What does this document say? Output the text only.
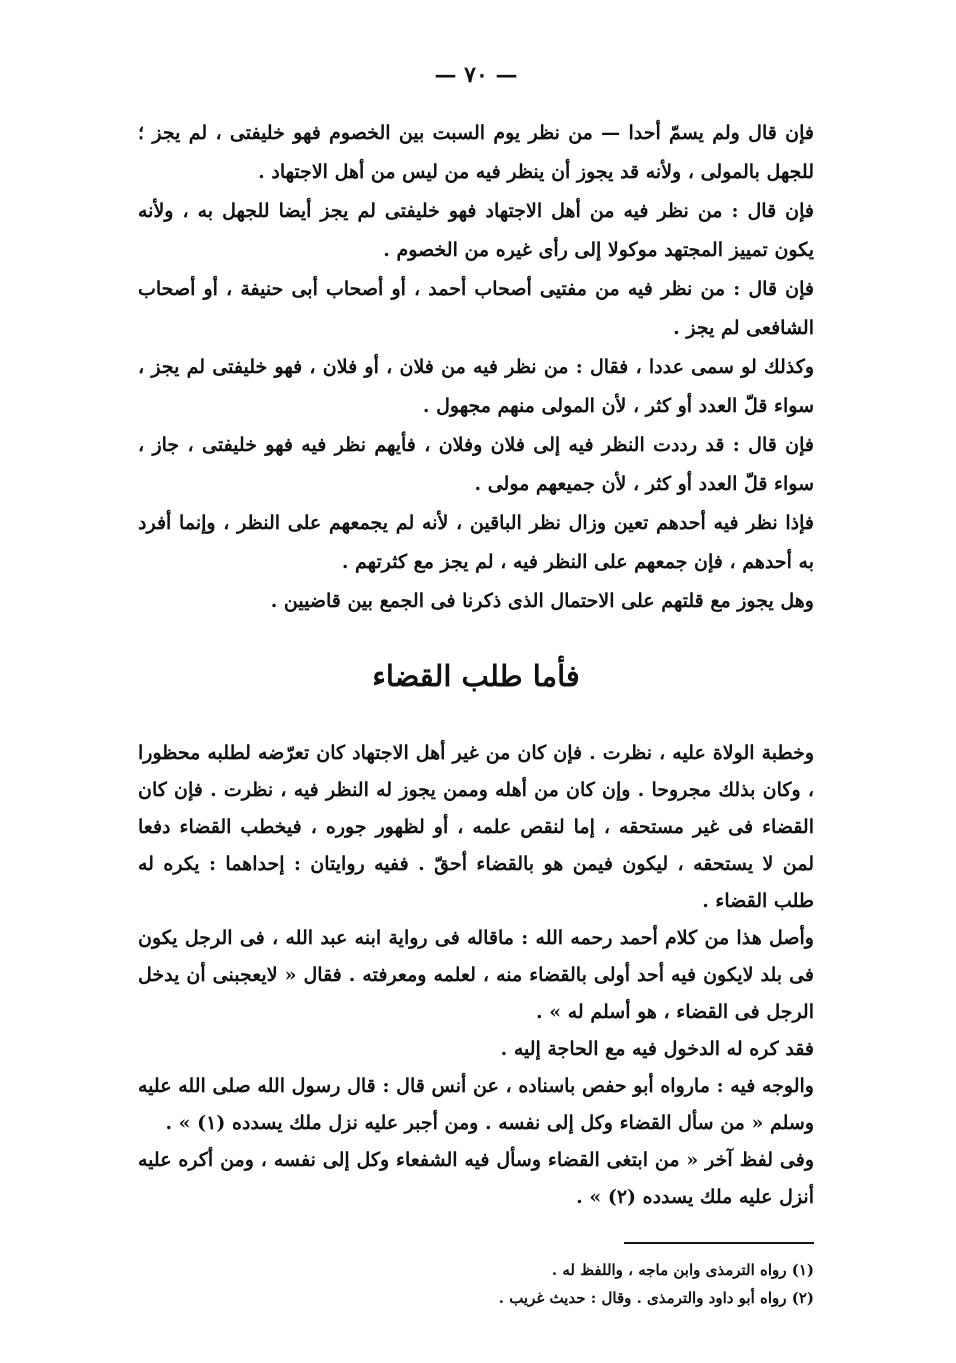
— ٧٠ —

فإن قال ولم يسمّ أحدا — من نظر يوم السبت بين الخصوم فهو خليفتى ، لم يجز ؛ للجهل بالمولى ، ولأنه قد يجوز أن ينظر فيه من ليس من أهل الاجتهاد .

فإن قال : من نظر فيه من أهل الاجتهاد فهو خليفتى لم يجز أيضا للجهل به ، ولأنه يكون تمييز المجتهد موكولا إلى رأى غيره من الخصوم .

فإن قال : من نظر فيه من مفتيى أصحاب أحمد ، أو أصحاب أبى حنيفة ، أو أصحاب الشافعى لم يجز .

وكذلك لو سمى عددا ، فقال : من نظر فيه من فلان ، أو فلان ، فهو خليفتى لم يجز ، سواء قلّ العدد أو كثر ، لأن المولى منهم مجهول .

فإن قال : قد رددت النظر فيه إلى فلان وفلان ، فأيهم نظر فيه فهو خليفتى ، جاز ، سواء قلّ العدد أو كثر ، لأن جميعهم مولى .

فإذا نظر فيه أحدهم تعين وزال نظر الباقين ، لأنه لم يجمعهم على النظر ، وإنما أفرد به أحدهم ، فإن جمعهم على النظر فيه ، لم يجز مع كثرتهم .

وهل يجوز مع قلتهم على الاحتمال الذى ذكرنا فى الجمع بين قاضيين .

فأما طلب القضاء

وخطبة الولاة عليه ، نظرت . فإن كان من غير أهل الاجتهاد كان تعرّضه لطلبه محظورا ، وكان بذلك مجروحا . وإن كان من أهله وممن يجوز له النظر فيه ، نظرت . فإن كان القضاء فى غير مستحقه ، إما لنقص علمه ، أو لظهور جوره ، فيخطب القضاء دفعا لمن لا يستحقه ، ليكون فيمن هو بالقضاء أحقّ . ففيه روايتان : إحداهما : يكره له طلب القضاء .

وأصل هذا من كلام أحمد رحمه الله : ماقاله فى رواية ابنه عبد الله ، فى الرجل يكون فى بلد لايكون فيه أحد أولى بالقضاء منه ، لعلمه ومعرفته . فقال « لايعجبنى أن يدخل الرجل فى القضاء ، هو أسلم له » .

فقد كره له الدخول فيه مع الحاجة إليه .

والوجه فيه : مارواه أبو حفص باسناده ، عن أنس قال : قال رسول الله صلى الله عليه وسلم « من سأل القضاء وكل إلى نفسه . ومن أجبر عليه نزل ملك يسدده (١) » .

وفى لفظ آخر « من ابتغى القضاء وسأل فيه الشفعاء وكل إلى نفسه ، ومن أكره عليه أنزل عليه ملك يسدده (٢) » .

(١) رواه الترمذى وابن ماجه ، واللفظ له .

(٢) رواه أبو داود والترمذى . وقال : حديث غريب .
